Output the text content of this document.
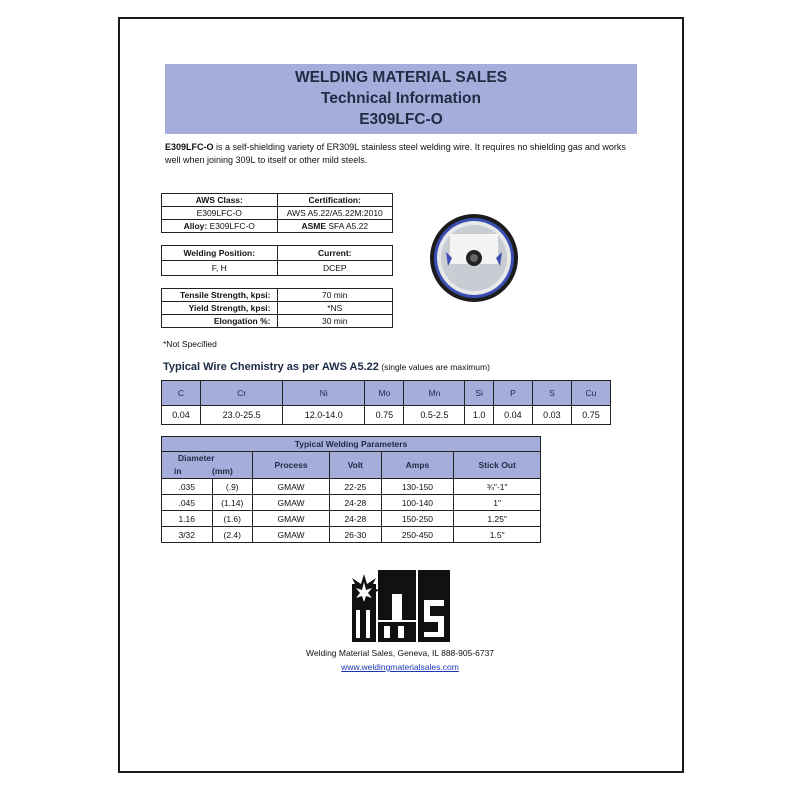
WELDING MATERIAL SALES
Technical Information
E309LFC-O
E309LFC-O is a self-shielding variety of ER309L stainless steel welding wire. It requires no shielding gas and works well when joining 309L to itself or other mild steels.
AWS Class:	Certification:
E309LFC-O	AWS A5.22/A5.22M:2010
Alloy: E309LFC-O	ASME SFA A5.22
Welding Position:	Current:
F, H	DCEP
Tensile Strength, kpsi:	70 min
Yield Strength, kpsi:	*NS
Elongation %:	30 min
*Not Specified
Typical Wire Chemistry as per AWS A5.22 (single values are maximum)
C	Cr	Ni	Mo	Mn	Si	P	S	Cu
0.04	23.0-25.5	12.0-14.0	0.75	0.5-2.5	1.0	0.04	0.03	0.75
Typical Welding Parameters					
Diameter		Process	Volt	Amps	Stick Out
in	(mm)				
.035	(.9)	GMAW	22-25	130-150	¾"-1"
.045	(1.14)	GMAW	24-28	100-140	1"
1.16	(1.6)	GMAW	24-28	150-250	1.25"
3/32	(2.4)	GMAW	26-30	250-450	1.5"
Welding Material Sales, Geneva, IL 888-905-6737
www.weldingmaterialsales.com
